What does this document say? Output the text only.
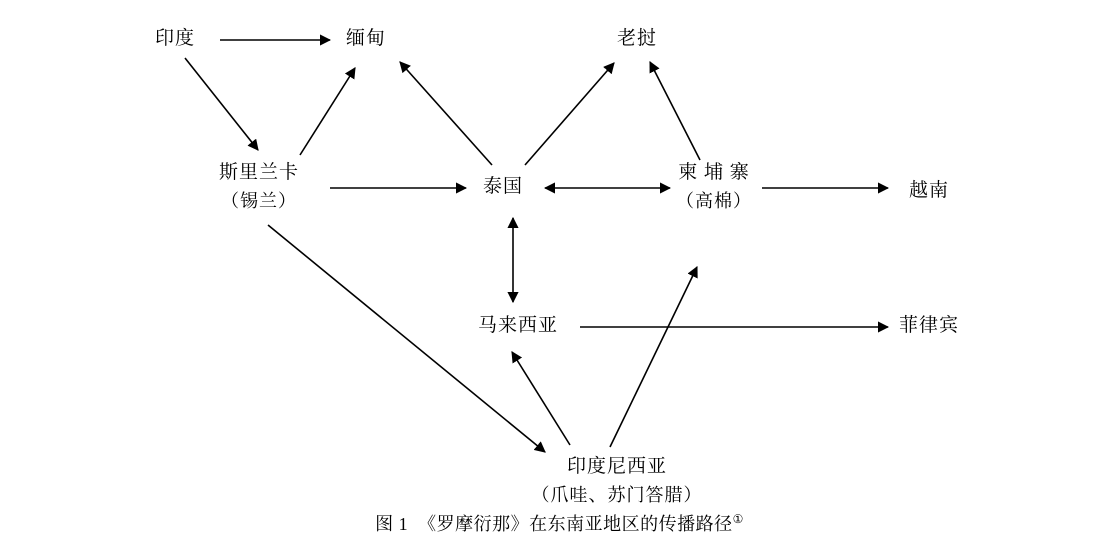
印度	缅甸	老挝
斯里兰卡
（锡兰）
泰国
柬 埔 寨
（高棉）	越南
马来西亚	菲律宾
印度尼西亚
（爪哇、苏门答腊）
图 1 《罗摩衍那》在东南亚地区的传播路径①
